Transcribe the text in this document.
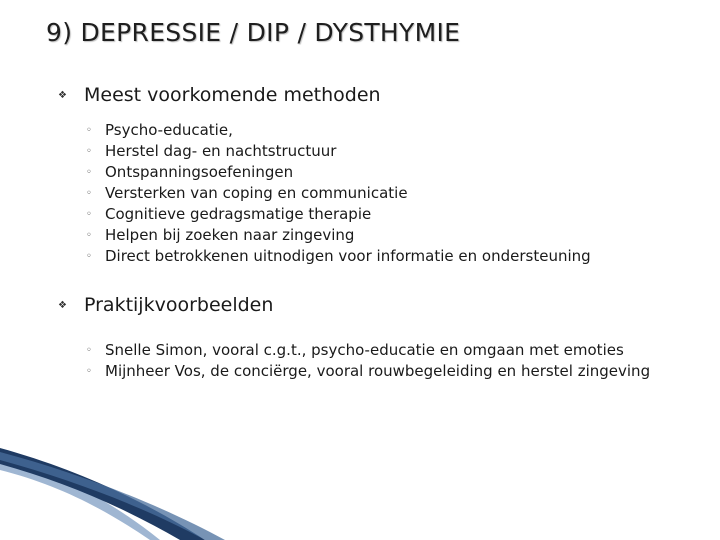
9) DEPRESSIE / DIP / DYSTHYMIE
❖ Meest voorkomende methoden
◦ Psycho-educatie,
◦ Herstel dag- en nachtstructuur
◦ Ontspanningsoefeningen
◦ Versterken van coping en communicatie
◦ Cognitieve gedragsmatige therapie
◦ Helpen bij zoeken naar zingeving
◦ Direct betrokkenen uitnodigen voor informatie en ondersteuning
❖ Praktijkvoorbeelden
◦ Snelle Simon, vooral c.g.t., psycho-educatie en omgaan met emoties
◦ Mijnheer Vos, de conciërge, vooral rouwbegeleiding en herstel zingeving
